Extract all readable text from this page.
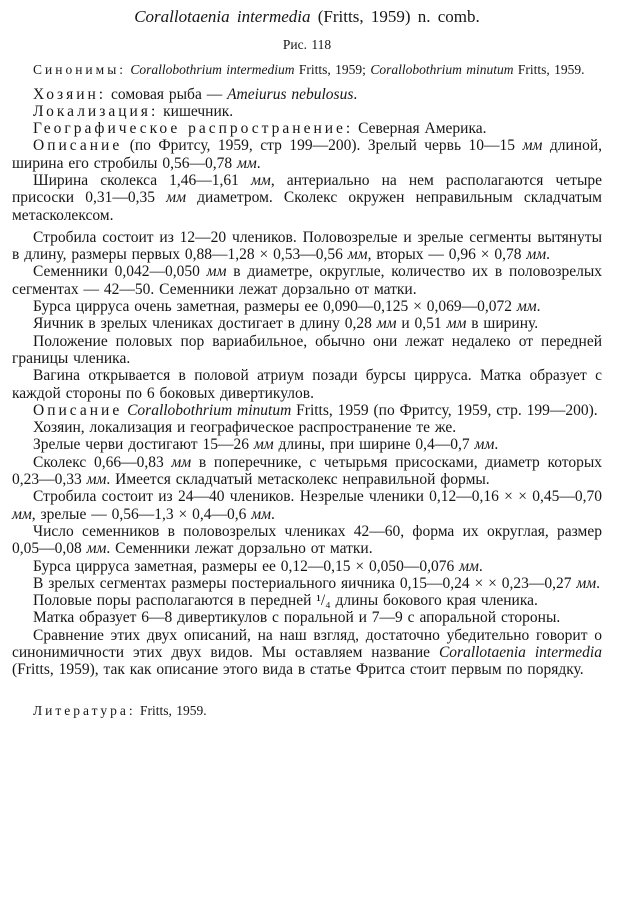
Corallotaenia intermedia (Fritts, 1959) n. comb.

Рис. 118

Синонимы: Corallobothrium intermedium Fritts, 1959; Corallobothrium minutum Fritts, 1959.

Хозяин: сомовая рыба — Ameiurus nebulosus.

Локализация: кишечник.

Географическое распространение: Северная Америка.

Описание (по Фритсу, 1959, стр 199—200). Зрелый червь 10—15 мм длиной, ширина его стробилы 0,56—0,78 мм.

Ширина сколекса 1,46—1,61 мм, антериально на нем располагаются четыре присоски 0,31—0,35 мм диаметром. Сколекс окружен неправильным складчатым метасколексом.

Стробила состоит из 12—20 члеников. Половозрелые и зрелые сегменты вытянуты в длину, размеры первых 0,88—1,28 × 0,53—0,56 мм, вторых — 0,96 × 0,78 мм.

Семенники 0,042—0,050 мм в диаметре, округлые, количество их в половозрелых сегментах — 42—50. Семенники лежат дорзально от матки.

Бурса цирруса очень заметная, размеры ее 0,090—0,125 × 0,069—0,072 мм.

Яичник в зрелых члениках достигает в длину 0,28 мм и 0,51 мм в ширину.

Положение половых пор вариабильное, обычно они лежат недалеко от передней границы членика.

Вагина открывается в половой атриум позади бурсы цирруса. Матка образует с каждой стороны по 6 боковых дивертикулов.

Описание Corallobothrium minutum Fritts, 1959 (по Фритсу, 1959, стр. 199—200).

Хозяин, локализация и географическое распространение те же.

Зрелые черви достигают 15—26 мм длины, при ширине 0,4—0,7 мм.

Сколекс 0,66—0,83 мм в поперечнике, с четырьмя присосками, диаметр которых 0,23—0,33 мм. Имеется складчатый метасколекс неправильной формы.

Стробила состоит из 24—40 члеников. Незрелые членики 0,12—0,16 × × 0,45—0,70 мм, зрелые — 0,56—1,3 × 0,4—0,6 мм.

Число семенников в половозрелых члениках 42—60, форма их округлая, размер 0,05—0,08 мм. Семенники лежат дорзально от матки.

Бурса цирруса заметная, размеры ее 0,12—0,15 × 0,050—0,076 мм.

В зрелых сегментах размеры постериального яичника 0,15—0,24 × × 0,23—0,27 мм.

Половые поры располагаются в передней ¹/₄ длины бокового края членика.

Матка образует 6—8 дивертикулов с поральной и 7—9 с апоральной стороны.

Сравнение этих двух описаний, на наш взгляд, достаточно убедительно говорит о синонимичности этих двух видов. Мы оставляем название Corallotaenia intermedia (Fritts, 1959), так как описание этого вида в статье Фритса стоит первым по порядку.

Литература: Fritts, 1959.
